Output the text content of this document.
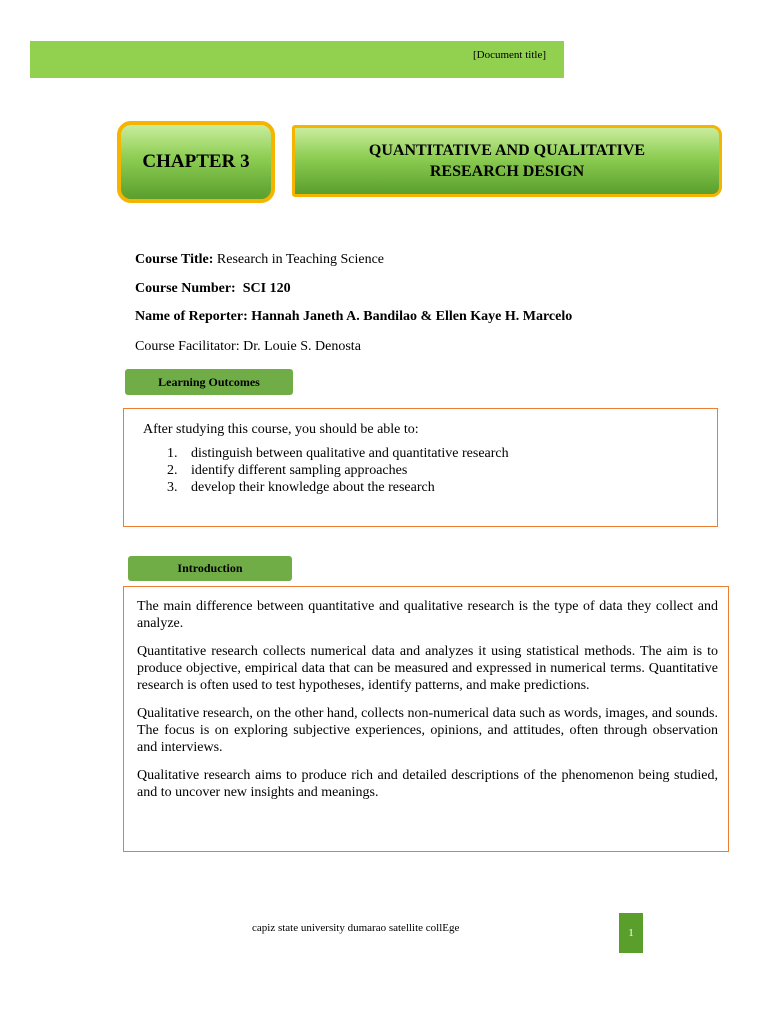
[Document title]
CHAPTER 3
QUANTITATIVE AND QUALITATIVE
RESEARCH DESIGN
Course Title: Research in Teaching Science
Course Number: SCI 120
Name of Reporter: Hannah Janeth A. Bandilao & Ellen Kaye H. Marcelo
Course Facilitator: Dr. Louie S. Denosta
Learning Outcomes
After studying this course, you should be able to:
1. distinguish between qualitative and quantitative research
2. identify different sampling approaches
3. develop their knowledge about the research
Introduction

The main difference between quantitative and qualitative research is the type of data they collect and analyze.

Quantitative research collects numerical data and analyzes it using statistical methods. The aim is to produce objective, empirical data that can be measured and expressed in numerical terms. Quantitative research is often used to test hypotheses, identify patterns, and make predictions.

Qualitative research, on the other hand, collects non-numerical data such as words, images, and sounds. The focus is on exploring subjective experiences, opinions, and attitudes, often through observation and interviews.

Qualitative research aims to produce rich and detailed descriptions of the phenomenon being studied, and to uncover new insights and meanings.

capiz state university dumarao satellite collEge	1
